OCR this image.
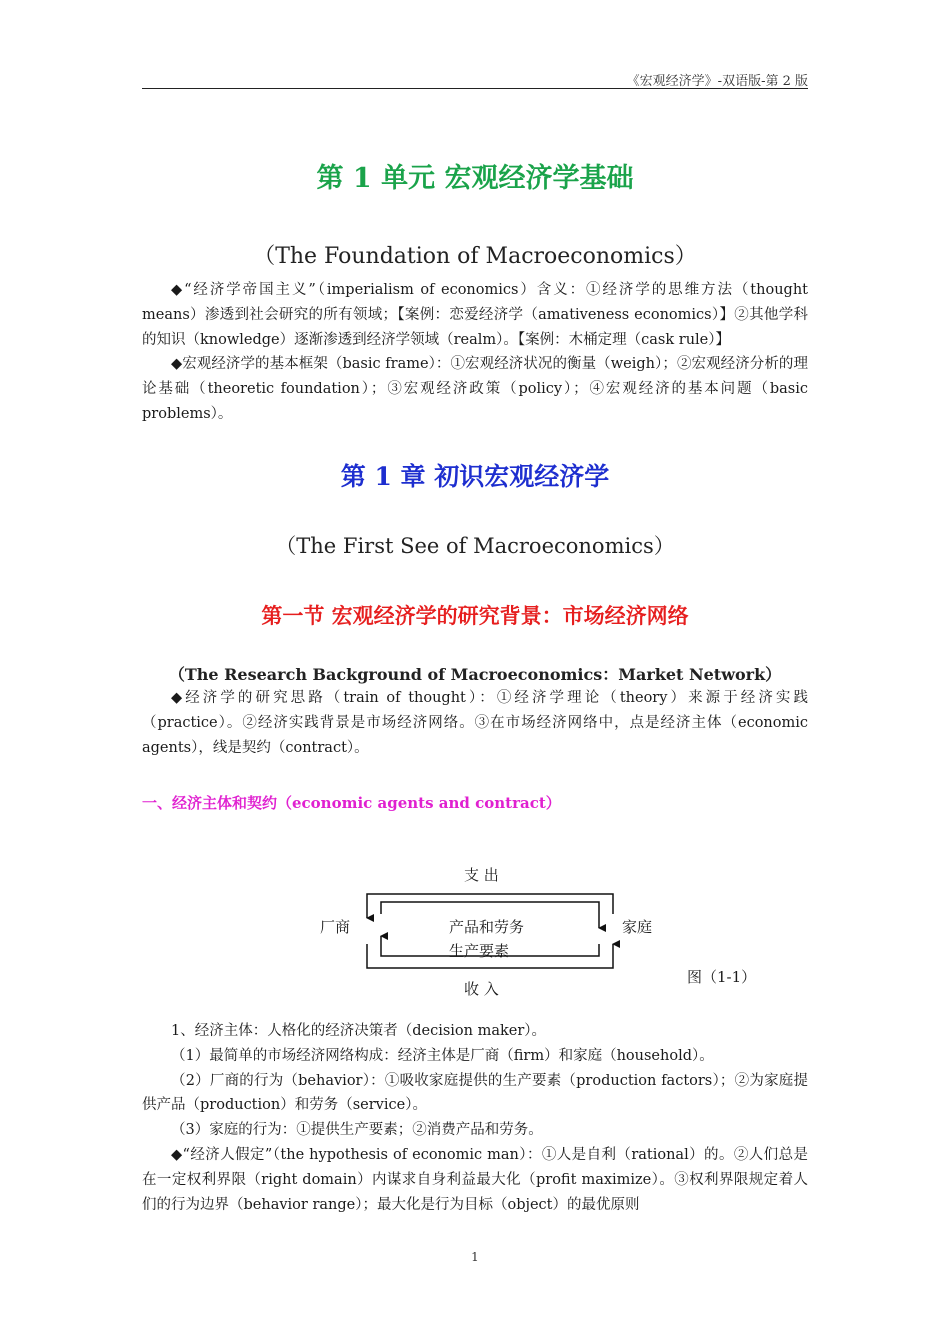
《宏观经济学》-双语版-第 2 版
第 1 单元 宏观经济学基础
（The Foundation of Macroeconomics）

◆“经济学帝国主义”（imperialism of economics）含义：①经济学的思维方法（thought means）渗透到社会研究的所有领域；【案例：恋爱经济学（amativeness economics）】②其他学科的知识（knowledge）逐渐渗透到经济学领域（realm）。【案例：木桶定理（cask rule）】

◆宏观经济学的基本框架（basic frame）：①宏观经济状况的衡量（weigh）；②宏观经济分析的理论基础（theoretic foundation）；③宏观经济政策（policy）；④宏观经济的基本问题（basic problems）。

第 1 章 初识宏观经济学
（The First See of Macroeconomics）
第一节 宏观经济学的研究背景：市场经济网络
（The Research Background of Macroeconomics：Market Network）

◆经济学的研究思路（train of thought）：①经济学理论（theory）来源于经济实践（practice）。②经济实践背景是市场经济网络。③在市场经济网络中，点是经济主体（economic agents），线是契约（contract）。

一、经济主体和契约（economic agents and contract）
支 出
收 入
厂商	家庭
产品和劳务
生产要素
图（1-1）

1、经济主体：人格化的经济决策者（decision maker）。

（1）最简单的市场经济网络构成：经济主体是厂商（firm）和家庭（household）。

（2）厂商的行为（behavior）：①吸收家庭提供的生产要素（production factors）；②为家庭提供产品（production）和劳务（service）。

（3）家庭的行为：①提供生产要素；②消费产品和劳务。

◆“经济人假定”（the hypothesis of economic man）：①人是自利（rational）的。②人们总是在一定权利界限（right domain）内谋求自身利益最大化（profit maximize）。③权利界限规定着人们的行为边界（behavior range）；最大化是行为目标（object）的最优原则

1
